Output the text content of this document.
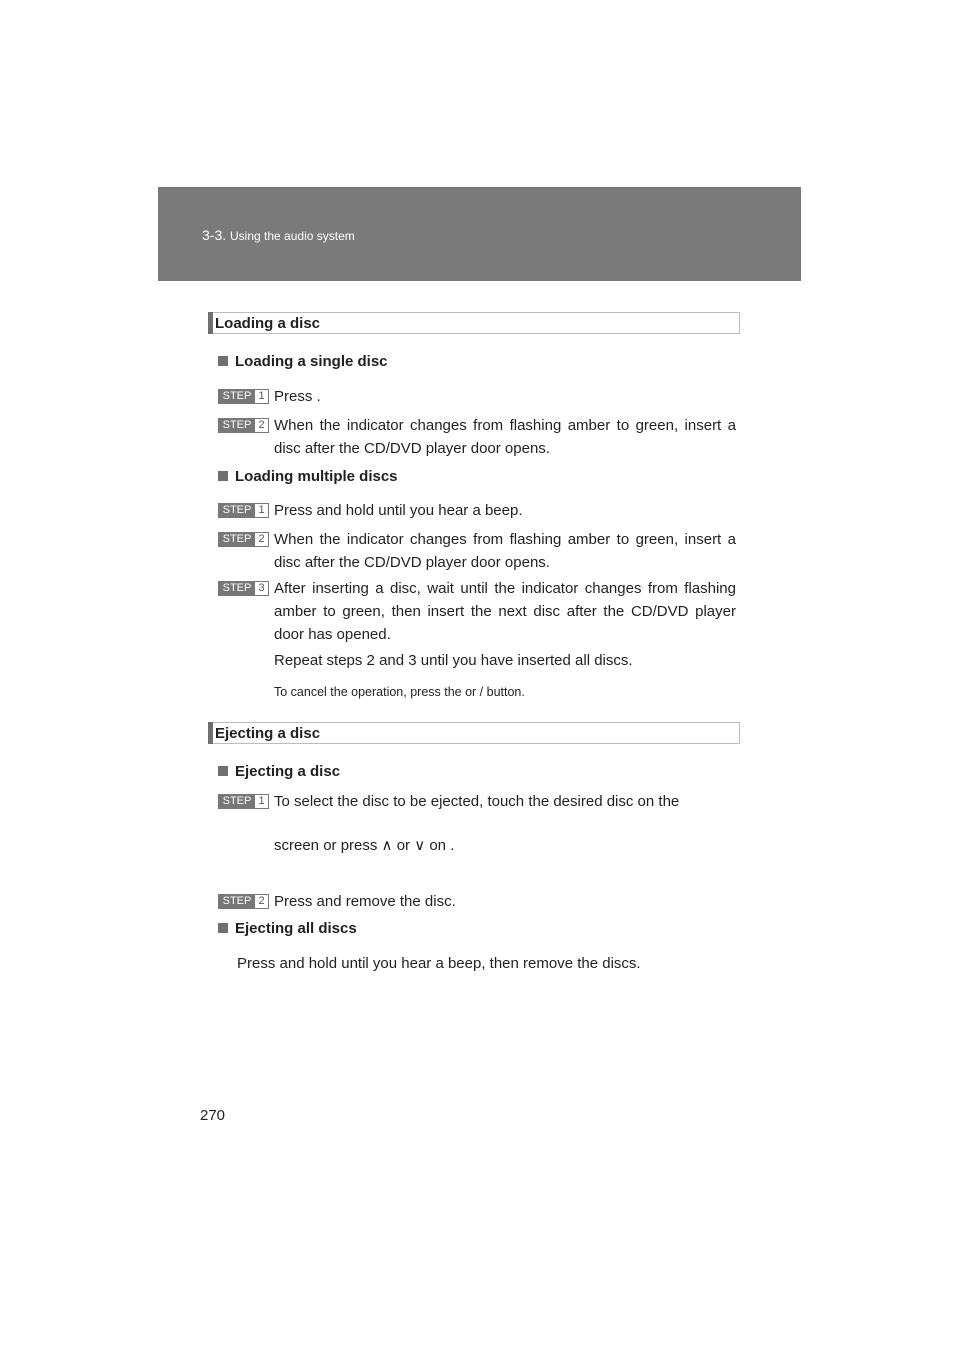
3-3. Using the audio system
Loading a disc
Loading a single disc
STEP 1 Press .
STEP 2 When the indicator changes from flashing amber to green, insert a disc after the CD/DVD player door opens.
Loading multiple discs
STEP 1 Press and hold until you hear a beep.
STEP 2 When the indicator changes from flashing amber to green, insert a disc after the CD/DVD player door opens.
STEP 3 After inserting a disc, wait until the indicator changes from flashing amber to green, then insert the next disc after the CD/DVD player door has opened.
Repeat steps 2 and 3 until you have inserted all discs.
To cancel the operation, press the or / button.
Ejecting a disc
Ejecting a disc
STEP 1 To select the disc to be ejected, touch the desired disc on the
screen or press ∧ or ∨ on .
STEP 2 Press and remove the disc.
Ejecting all discs
Press and hold until you hear a beep, then remove the discs.
270
